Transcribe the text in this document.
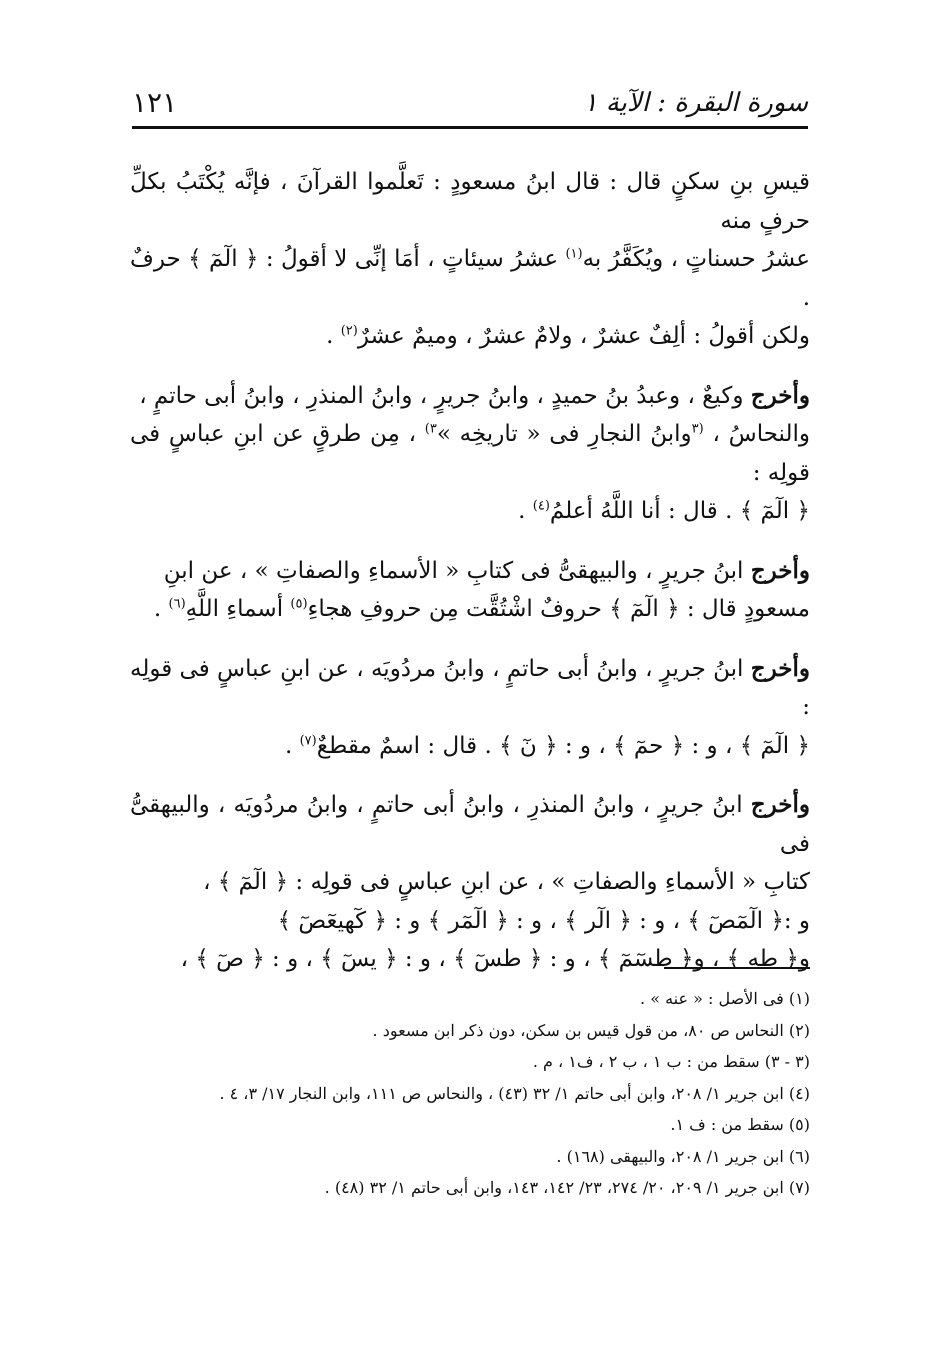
١٢١	سورة البقرة : الآية ١

قيسِ بنِ سكنٍ قال : قال ابنُ مسعودٍ : تَعلَّموا القرآنَ ، فإنَّه يُكْتَبُ بكلِّ حرفٍ منه

عشرُ حسناتٍ ، ويُكَفَّرُ به$^{(١)}$ عشرُ سيئاتٍ ، أمَا إنِّى لا أقولُ : ﴿ الٓمٓ ﴾ حرفٌ .

ولكن أقولُ : ألِفٌ عشرٌ ، ولامٌ عشرٌ ، وميمٌ عشرٌ$^{(٢)}$ .

وأخرج وكيعٌ ، وعبدُ بنُ حميدٍ ، وابنُ جريرٍ ، وابنُ المنذرِ ، وابنُ أبى حاتمٍ ،

والنحاسُ ، $^{(٣}$وابنُ النجارِ فى « تاريخِه »$^{٣)}$ ، مِن طرقٍ عن ابنِ عباسٍ فى قولِه :

﴿ الٓمٓ ﴾ . قال : أنا اللَّهُ أعلمُ$^{(٤)}$ .

وأخرج ابنُ جريرٍ ، والبيهقىُّ فى كتابِ « الأسماءِ والصفاتِ » ، عن ابنِ

مسعودٍ قال : ﴿ الٓمٓ ﴾ حروفٌ اشْتُقَّت مِن حروفِ هجاءِ$^{(٥)}$ أسماءِ اللَّهِ$^{(٦)}$ .

وأخرج ابنُ جريرٍ ، وابنُ أبى حاتمٍ ، وابنُ مردُويَه ، عن ابنِ عباسٍ فى قولِه :

﴿ الٓمٓ ﴾ ، و : ﴿ حمٓ ﴾ ، و : ﴿ نٓ ﴾ . قال : اسمٌ مقطعٌ$^{(٧)}$ .

وأخرج ابنُ جريرٍ ، وابنُ المنذرِ ، وابنُ أبى حاتمٍ ، وابنُ مردُويَه ، والبيهقىُّ فى

كتابِ « الأسماءِ والصفاتِ » ، عن ابنِ عباسٍ فى قولِه : ﴿ الٓمٓ ﴾ ،

و :﴿ الٓمٓصٓ ﴾ ، و : ﴿ الٓر ﴾ ، و : ﴿ الٓمٓر ﴾ و : ﴿ كٓهيعٓصٓ ﴾

و﴿ طه ﴾ ، و﴿ طسٓمٓ ﴾ ، و : ﴿ طسٓ ﴾ ، و : ﴿ يسٓ ﴾ ، و : ﴿ صٓ ﴾ ،

(١) فى الأصل : « عنه » .

(٢) النحاس ص ٨٠، من قول قيس بن سكن، دون ذكر ابن مسعود .

(٣ - ٣) سقط من : ب ١ ، ب ٢ ، ف١ ، م .

(٤) ابن جرير ١/ ٢٠٨، وابن أبى حاتم ١/ ٣٢ (٤٣) ، والنحاس ص ١١١، وابن النجار ١٧/ ٣، ٤ .

(٥) سقط من : ف ١.

(٦) ابن جرير ١/ ٢٠٨، والبيهقى (١٦٨) .

(٧) ابن جرير ١/ ٢٠٩، ٢٠/ ٢٧٤، ٢٣/ ١٤٢، ١٤٣، وابن أبى حاتم ١/ ٣٢ (٤٨) .
